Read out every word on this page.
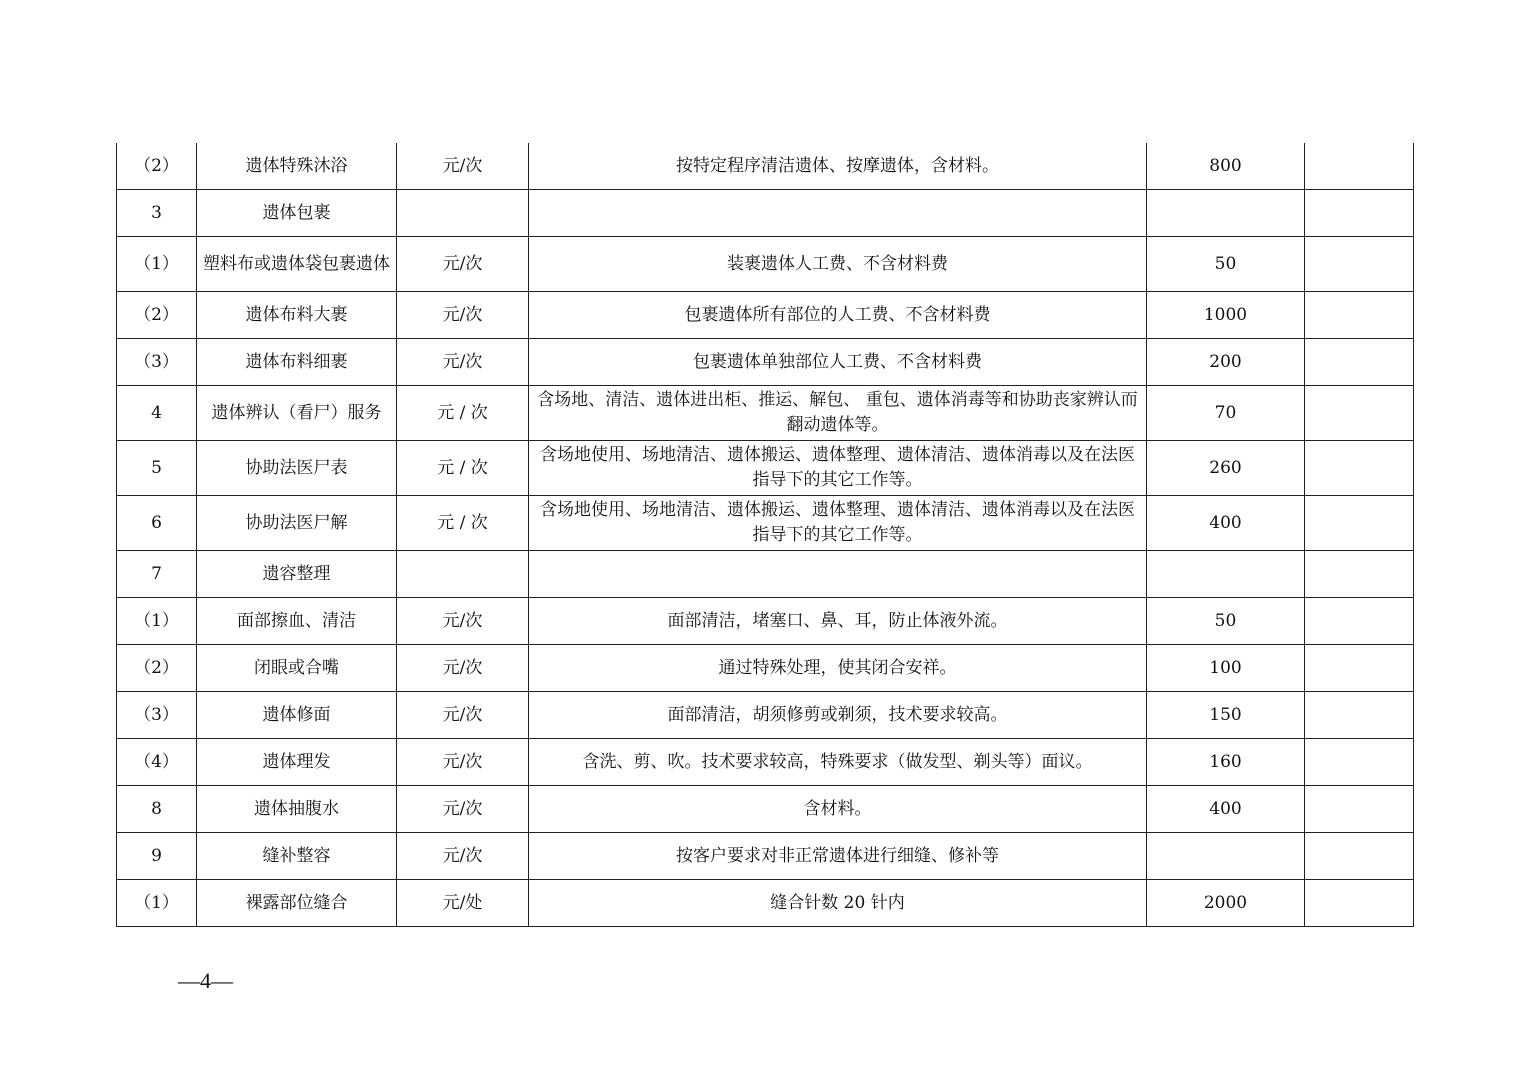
（2）	遗体特殊沐浴	元/次	按特定程序清洁遗体、按摩遗体，含材料。	800	
3	遗体包裹				
（1）	塑料布或遗体袋包裹遗体	元/次	装裹遗体人工费、不含材料费	50	
（2）	遗体布料大裹	元/次	包裹遗体所有部位的人工费、不含材料费	1000	
（3）	遗体布料细裹	元/次	包裹遗体单独部位人工费、不含材料费	200	
4	遗体辨认（看尸）服务	元 / 次	含场地、清洁、遗体进出柜、推运、解包、 重包、遗体消毒等和协助丧家辨认而翻动遗体等。	70	
5	协助法医尸表	元 / 次	含场地使用、场地清洁、遗体搬运、遗体整理、遗体清洁、遗体消毒以及在法医指导下的其它工作等。	260	
6	协助法医尸解	元 / 次	含场地使用、场地清洁、遗体搬运、遗体整理、遗体清洁、遗体消毒以及在法医指导下的其它工作等。	400	
7	遗容整理				
（1）	面部擦血、清洁	元/次	面部清洁，堵塞口、鼻、耳，防止体液外流。	50	
（2）	闭眼或合嘴	元/次	通过特殊处理，使其闭合安祥。	100	
（3）	遗体修面	元/次	面部清洁，胡须修剪或剃须，技术要求较高。	150	
（4）	遗体理发	元/次	含洗、剪、吹。技术要求较高，特殊要求（做发型、剃头等）面议。	160	
8	遗体抽腹水	元/次	含材料。	400	
9	缝补整容	元/次	按客户要求对非正常遗体进行细缝、修补等		
（1）	裸露部位缝合	元/处	缝合针数 20 针内	2000	
—4—
